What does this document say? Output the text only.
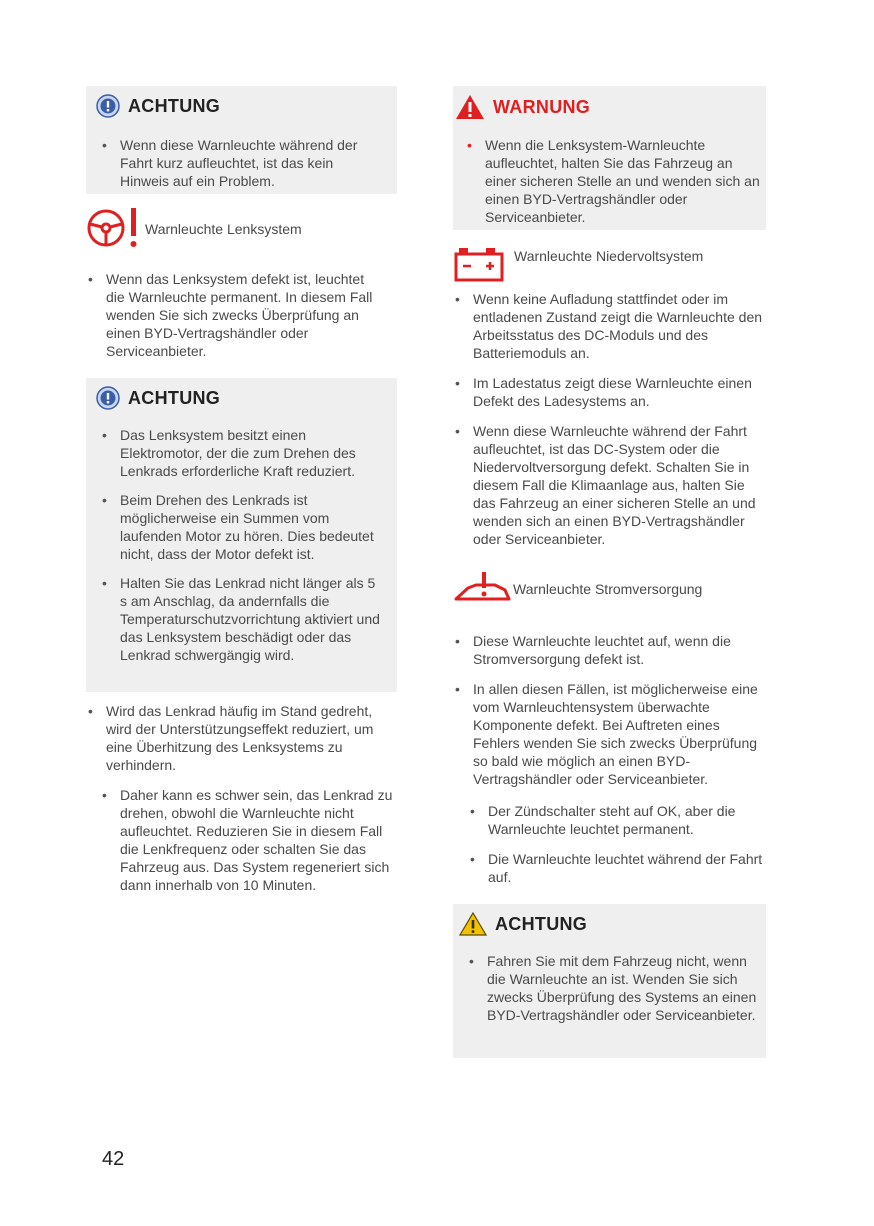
ACHTUNG
• Wenn diese Warnleuchte während der Fahrt kurz aufleuchtet, ist das kein Hinweis auf ein Problem.
Warnleuchte Lenksystem
• Wenn das Lenksystem defekt ist, leuchtet die Warnleuchte permanent. In diesem Fall wenden Sie sich zwecks Überprüfung an einen BYD-Vertragshändler oder Serviceanbieter.
ACHTUNG
• Das Lenksystem besitzt einen Elektromotor, der die zum Drehen des Lenkrads erforderliche Kraft reduziert.
• Beim Drehen des Lenkrads ist möglicherweise ein Summen vom laufenden Motor zu hören. Dies bedeutet nicht, dass der Motor defekt ist.
• Halten Sie das Lenkrad nicht länger als 5 s am Anschlag, da andernfalls die Temperaturschutzvorrichtung aktiviert und das Lenksystem beschädigt oder das Lenkrad schwergängig wird.
• Wird das Lenkrad häufig im Stand gedreht, wird der Unterstützungseffekt reduziert, um eine Überhitzung des Lenksystems zu verhindern.
• Daher kann es schwer sein, das Lenkrad zu drehen, obwohl die Warnleuchte nicht aufleuchtet. Reduzieren Sie in diesem Fall die Lenkfrequenz oder schalten Sie das Fahrzeug aus. Das System regeneriert sich dann innerhalb von 10 Minuten.
WARNUNG
• Wenn die Lenksystem-Warnleuchte aufleuchtet, halten Sie das Fahrzeug an einer sicheren Stelle an und wenden sich an einen BYD-Vertragshändler oder Serviceanbieter.
Warnleuchte Niedervoltsystem
• Wenn keine Aufladung stattfindet oder im entladenen Zustand zeigt die Warnleuchte den Arbeitsstatus des DC-Moduls und des Batteriemoduls an.
• Im Ladestatus zeigt diese Warnleuchte einen Defekt des Ladesystems an.
• Wenn diese Warnleuchte während der Fahrt aufleuchtet, ist das DC-System oder die Niedervoltversorgung defekt. Schalten Sie in diesem Fall die Klimaanlage aus, halten Sie das Fahrzeug an einer sicheren Stelle an und wenden sich an einen BYD-Vertragshändler oder Serviceanbieter.
Warnleuchte Stromversorgung
• Diese Warnleuchte leuchtet auf, wenn die Stromversorgung defekt ist.
• In allen diesen Fällen, ist möglicherweise eine vom Warnleuchtensystem überwachte Komponente defekt. Bei Auftreten eines Fehlers wenden Sie sich zwecks Überprüfung so bald wie möglich an einen BYD-Vertragshändler oder Serviceanbieter.
• Der Zündschalter steht auf OK, aber die Warnleuchte leuchtet permanent.
• Die Warnleuchte leuchtet während der Fahrt auf.
ACHTUNG
• Fahren Sie mit dem Fahrzeug nicht, wenn die Warnleuchte an ist. Wenden Sie sich zwecks Überprüfung des Systems an einen BYD-Vertragshändler oder Serviceanbieter.
42
